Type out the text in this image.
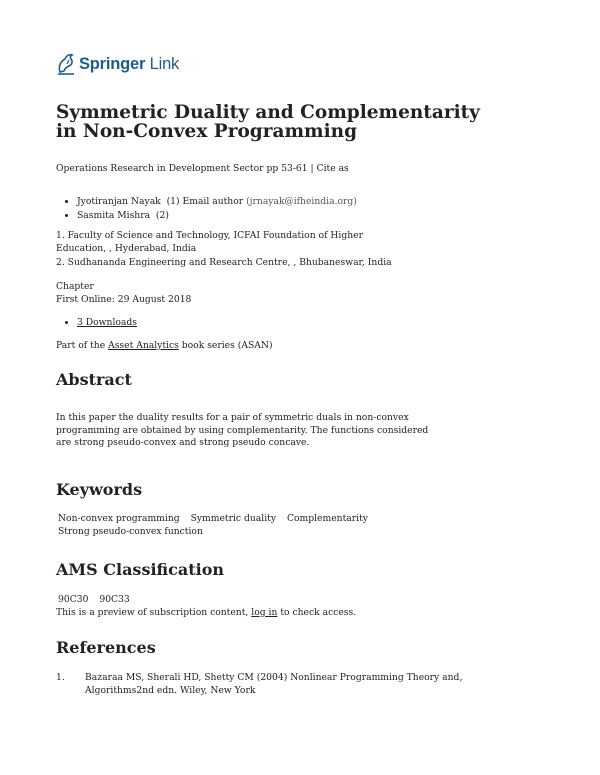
Springer Link
Symmetric Duality and Complementarity in Non-Convex Programming
Operations Research in Development Sector pp 53-61 | Cite as
• Jyotiranjan Nayak (1) Email author (jrnayak@ifheindia.org)
• Sasmita Mishra (2)
1. Faculty of Science and Technology, ICFAI Foundation of Higher Education, , Hyderabad, India
2. Sudhananda Engineering and Research Centre, , Bhubaneswar, India
Chapter
First Online: 29 August 2018
• 3 Downloads
Part of the Asset Analytics book series (ASAN)
Abstract
In this paper the duality results for a pair of symmetric duals in non-convex programming are obtained by using complementarity. The functions considered are strong pseudo-convex and strong pseudo concave.
Keywords
Non-convex programming Symmetric duality Complementarity
Strong pseudo-convex function
AMS Classification
90C30 90C33
This is a preview of subscription content, log in to check access.
References
1. Bazaraa MS, Sherali HD, Shetty CM (2004) Nonlinear Programming Theory and, Algorithms2nd edn. Wiley, New York
